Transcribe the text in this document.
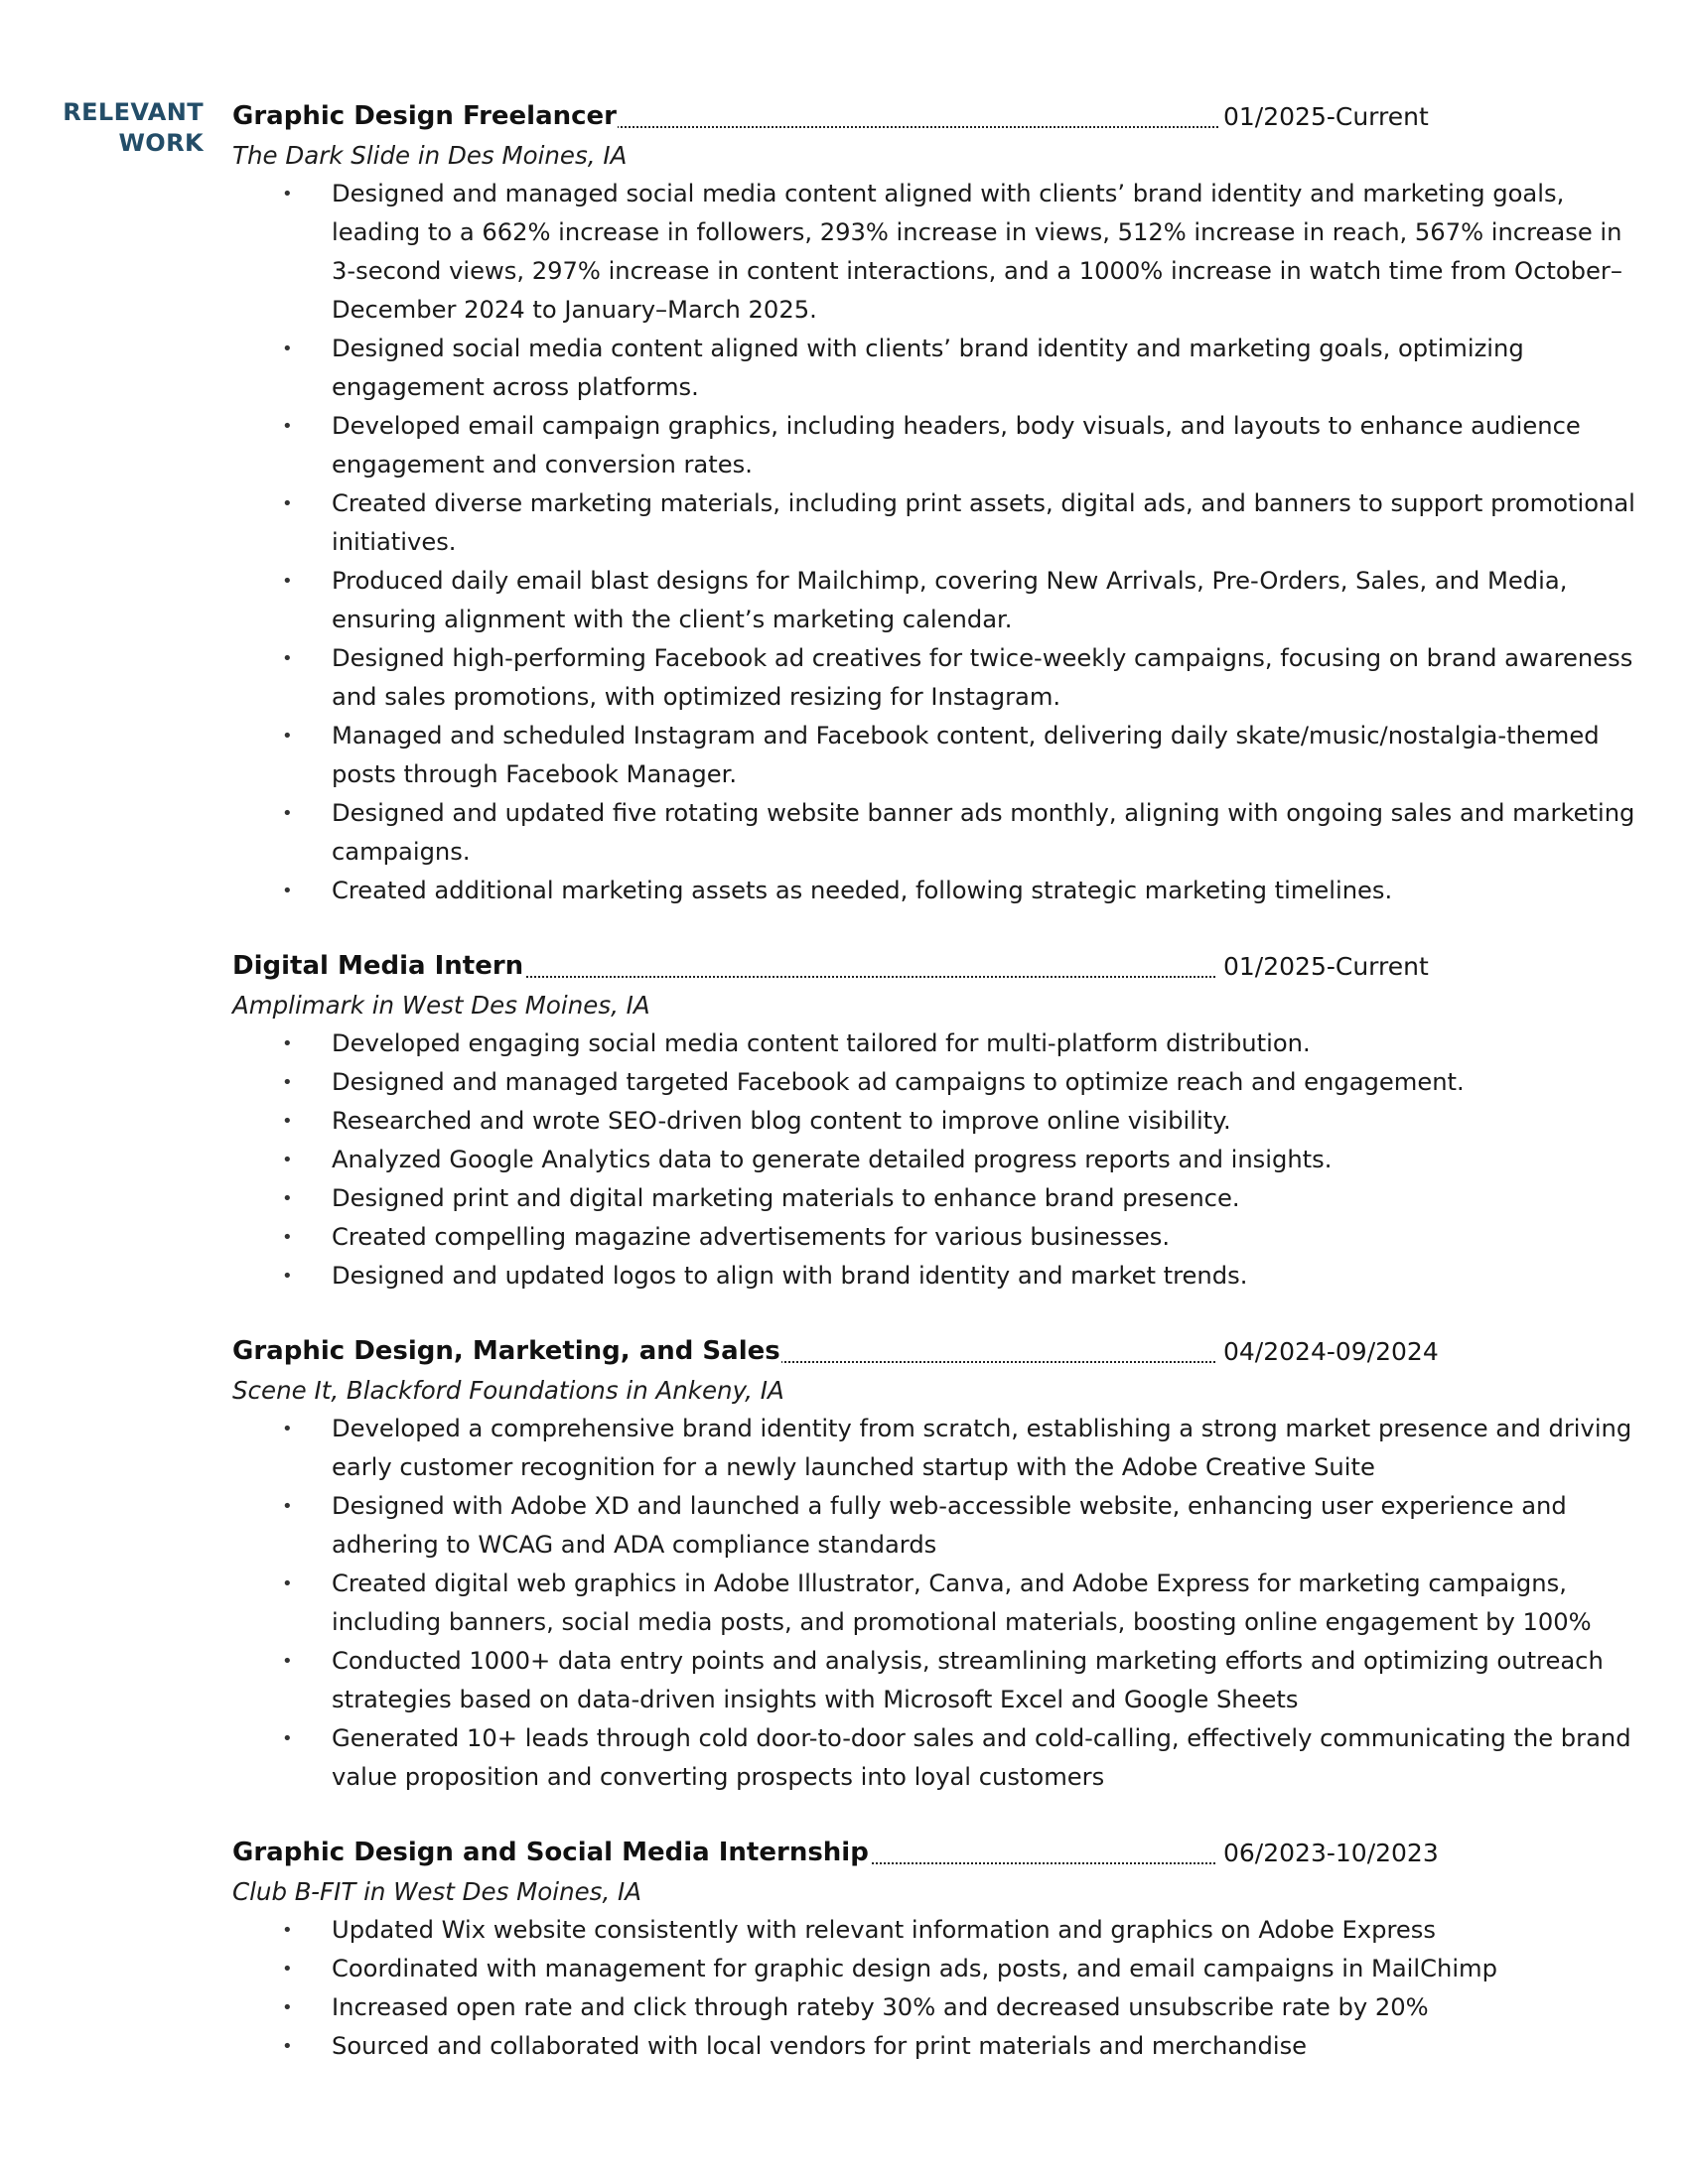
RELEVANT
WORK
Graphic Design Freelancer	01/2025-Current
The Dark Slide in Des Moines, IA
• Designed and managed social media content aligned with clients’ brand identity and marketing goals, leading to a 662% increase in followers, 293% increase in views, 512% increase in reach, 567% increase in 3-second views, 297% increase in content interactions, and a 1000% increase in watch time from October–December 2024 to January–March 2025.
• Designed social media content aligned with clients’ brand identity and marketing goals, optimizing engagement across platforms.
• Developed email campaign graphics, including headers, body visuals, and layouts to enhance audience engagement and conversion rates.
• Created diverse marketing materials, including print assets, digital ads, and banners to support promotional initiatives.
• Produced daily email blast designs for Mailchimp, covering New Arrivals, Pre-Orders, Sales, and Media, ensuring alignment with the client’s marketing calendar.
• Designed high-performing Facebook ad creatives for twice-weekly campaigns, focusing on brand awareness and sales promotions, with optimized resizing for Instagram.
• Managed and scheduled Instagram and Facebook content, delivering daily skate/music/nostalgia-themed posts through Facebook Manager.
• Designed and updated five rotating website banner ads monthly, aligning with ongoing sales and marketing campaigns.
• Created additional marketing assets as needed, following strategic marketing timelines.
Digital Media Intern	01/2025-Current
Amplimark in West Des Moines, IA
• Developed engaging social media content tailored for multi-platform distribution.
• Designed and managed targeted Facebook ad campaigns to optimize reach and engagement.
• Researched and wrote SEO-driven blog content to improve online visibility.
• Analyzed Google Analytics data to generate detailed progress reports and insights.
• Designed print and digital marketing materials to enhance brand presence.
• Created compelling magazine advertisements for various businesses.
• Designed and updated logos to align with brand identity and market trends.
Graphic Design, Marketing, and Sales	04/2024-09/2024
Scene It, Blackford Foundations in Ankeny, IA
• Developed a comprehensive brand identity from scratch, establishing a strong market presence and driving early customer recognition for a newly launched startup with the Adobe Creative Suite
• Designed with Adobe XD and launched a fully web-accessible website, enhancing user experience and adhering to WCAG and ADA compliance standards
• Created digital web graphics in Adobe Illustrator, Canva, and Adobe Express for marketing campaigns, including banners, social media posts, and promotional materials, boosting online engagement by 100%
• Conducted 1000+ data entry points and analysis, streamlining marketing efforts and optimizing outreach strategies based on data-driven insights with Microsoft Excel and Google Sheets
• Generated 10+ leads through cold door-to-door sales and cold-calling, effectively communicating the brand value proposition and converting prospects into loyal customers
Graphic Design and Social Media Internship	06/2023-10/2023
Club B-FIT in West Des Moines, IA
• Updated Wix website consistently with relevant information and graphics on Adobe Express
• Coordinated with management for graphic design ads, posts, and email campaigns in MailChimp
• Increased open rate and click through rateby 30% and decreased unsubscribe rate by 20%
• Sourced and collaborated with local vendors for print materials and merchandise
